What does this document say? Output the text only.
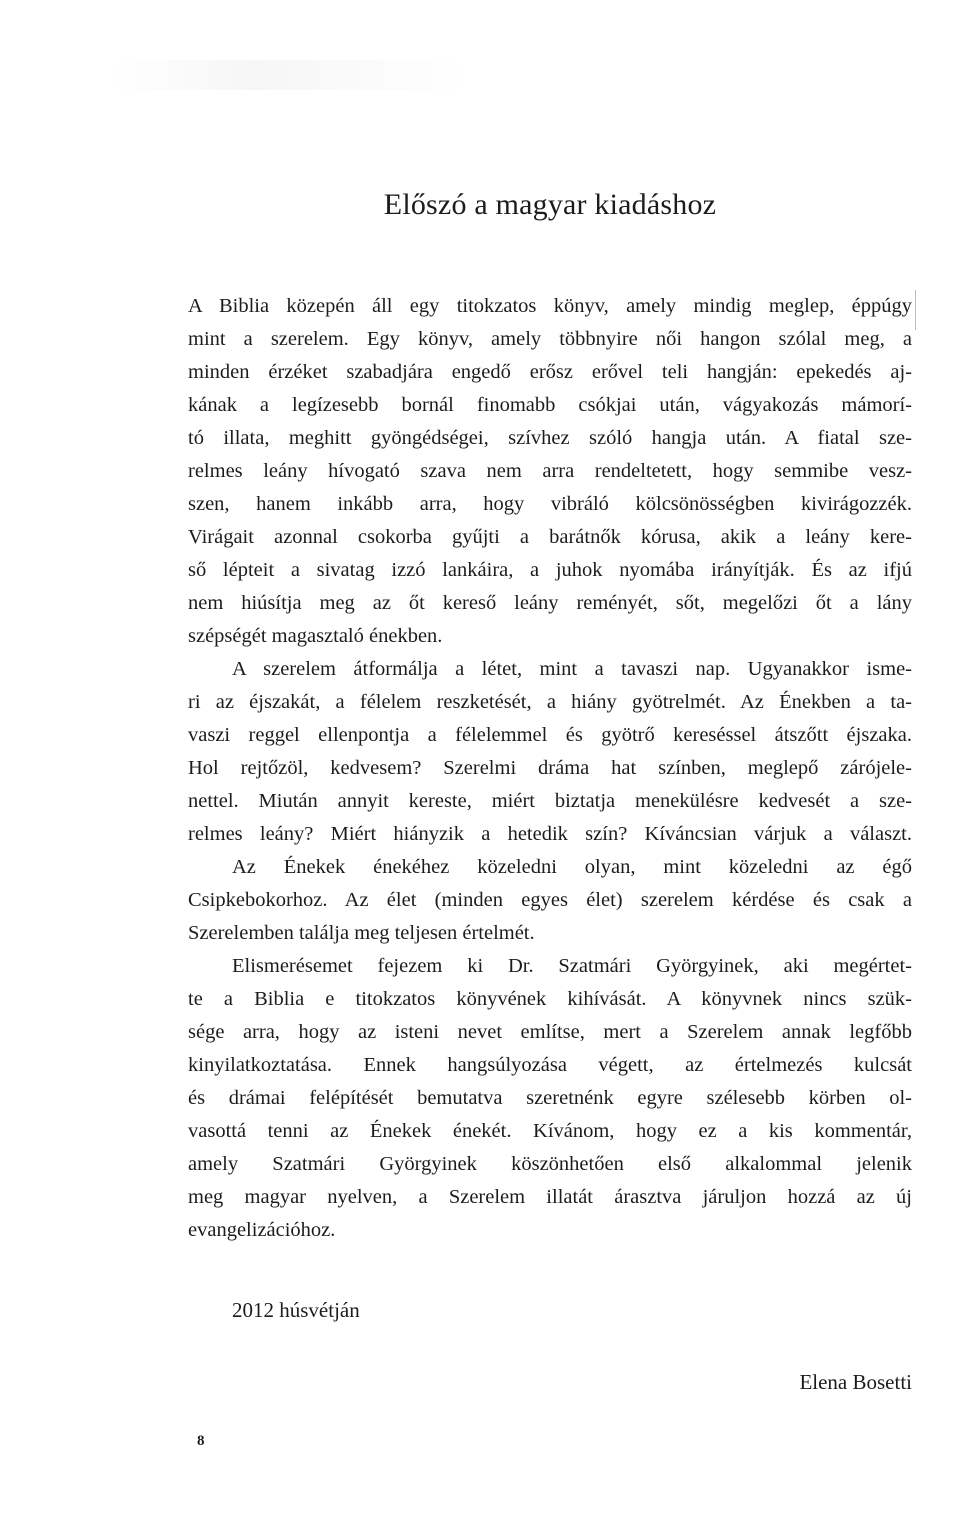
Előszó a magyar kiadáshoz

A Biblia közepén áll egy titokzatos könyv, amely mindig meglep, éppúgy
mint a szerelem. Egy könyv, amely többnyire női hangon szólal meg, a
minden érzéket szabadjára engedő erősz erővel teli hangján: epekedés aj-
kának a legízesebb bornál finomabb csókjai után, vágyakozás mámorí-
tó illata, meghitt gyöngédségei, szívhez szóló hangja után. A fiatal sze-
relmes leány hívogató szava nem arra rendeltetett, hogy semmibe vesz-
szen, hanem inkább arra, hogy vibráló kölcsönösségben kivirágozzék.
Virágait azonnal csokorba gyűjti a barátnők kórusa, akik a leány kere-
ső lépteit a sivatag izzó lankáira, a juhok nyomába irányítják. És az ifjú
nem hiúsítja meg az őt kereső leány reményét, sőt, megelőzi őt a lány
szépségét magasztaló énekben.

A szerelem átformálja a létet, mint a tavaszi nap. Ugyanakkor isme-
ri az éjszakát, a félelem reszketését, a hiány gyötrelmét. Az Énekben a ta-
vaszi reggel ellenpontja a félelemmel és gyötrő kereséssel átszőtt éjszaka.
Hol rejtőzöl, kedvesem? Szerelmi dráma hat színben, meglepő zárójele-
nettel. Miután annyit kereste, miért biztatja menekülésre kedvesét a sze-
relmes leány? Miért hiányzik a hetedik szín? Kíváncsian várjuk a választ.

Az Énekek énekéhez közeledni olyan, mint közeledni az égő
Csipkebokorhoz. Az élet (minden egyes élet) szerelem kérdése és csak a
Szerelemben találja meg teljesen értelmét.

Elismerésemet fejezem ki Dr. Szatmári Györgyinek, aki megértet-
te a Biblia e titokzatos könyvének kihívását. A könyvnek nincs szük-
sége arra, hogy az isteni nevet említse, mert a Szerelem annak legfőbb
kinyilatkoztatása. Ennek hangsúlyozása végett, az értelmezés kulcsát
és drámai felépítését bemutatva szeretnénk egyre szélesebb körben ol-
vasottá tenni az Énekek énekét. Kívánom, hogy ez a kis kommentár,
amely Szatmári Györgyinek köszönhetően első alkalommal jelenik
meg magyar nyelven, a Szerelem illatát árasztva járuljon hozzá az új
evangelizációhoz.

2012 húsvétján
Elena Bosetti
8
